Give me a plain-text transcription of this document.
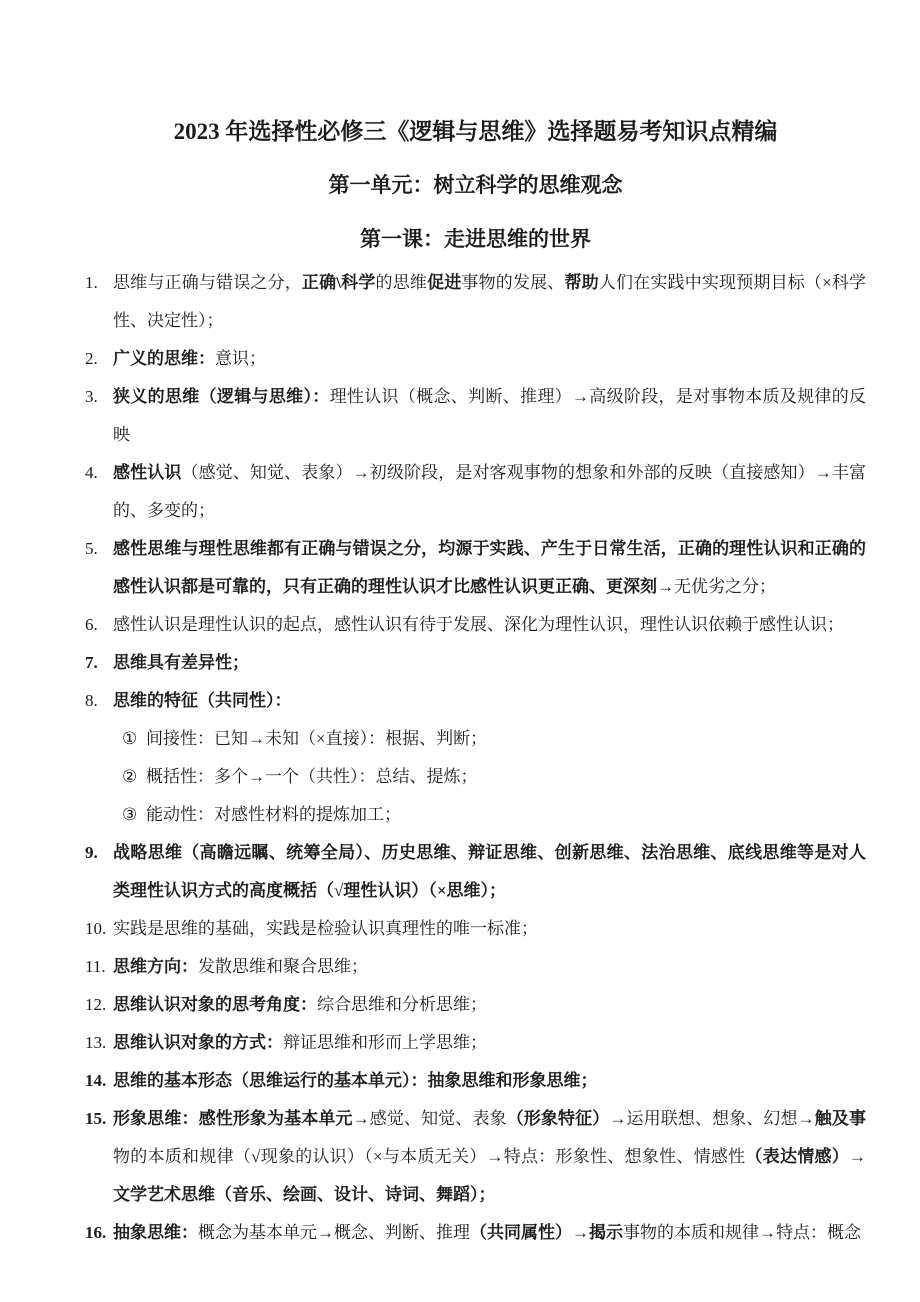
2023 年选择性必修三《逻辑与思维》选择题易考知识点精编
第一单元：树立科学的思维观念
第一课：走进思维的世界
1. 思维与正确与错误之分，正确\科学的思维促进事物的发展、帮助人们在实践中实现预期目标（×科学性、决定性）；

2. 广义的思维：意识；

3. 狭义的思维（逻辑与思维）：理性认识（概念、判断、推理）→高级阶段，是对事物本质及规律的反映

4. 感性认识（感觉、知觉、表象）→初级阶段，是对客观事物的想象和外部的反映（直接感知）→丰富的、多变的；

5. 感性思维与理性思维都有正确与错误之分，均源于实践、产生于日常生活，正确的理性认识和正确的感性认识都是可靠的，只有正确的理性认识才比感性认识更正确、更深刻→无优劣之分；

6. 感性认识是理性认识的起点，感性认识有待于发展、深化为理性认识，理性认识依赖于感性认识；

7. 思维具有差异性；

8. 思维的特征（共同性）：

① 间接性：已知→未知（×直接）：根据、判断；
② 概括性：多个→一个（共性）：总结、提炼；
③ 能动性：对感性材料的提炼加工；
9. 战略思维（高瞻远瞩、统筹全局）、历史思维、辩证思维、创新思维、法治思维、底线思维等是对人类理性认识方式的高度概括（√理性认识）（×思维）；

10. 实践是思维的基础，实践是检验认识真理性的唯一标准；

11. 思维方向：发散思维和聚合思维；

12. 思维认识对象的思考角度：综合思维和分析思维；

13. 思维认识对象的方式：辩证思维和形而上学思维；

14. 思维的基本形态（思维运行的基本单元）：抽象思维和形象思维；

15. 形象思维：感性形象为基本单元→感觉、知觉、表象（形象特征）→运用联想、想象、幻想→触及事物的本质和规律（√现象的认识）（×与本质无关）→特点：形象性、想象性、情感性（表达情感）→文学艺术思维（音乐、绘画、设计、诗词、舞蹈）；

16. 抽象思维：概念为基本单元→概念、判断、推理（共同属性）→揭示事物的本质和规律→特点：概念
